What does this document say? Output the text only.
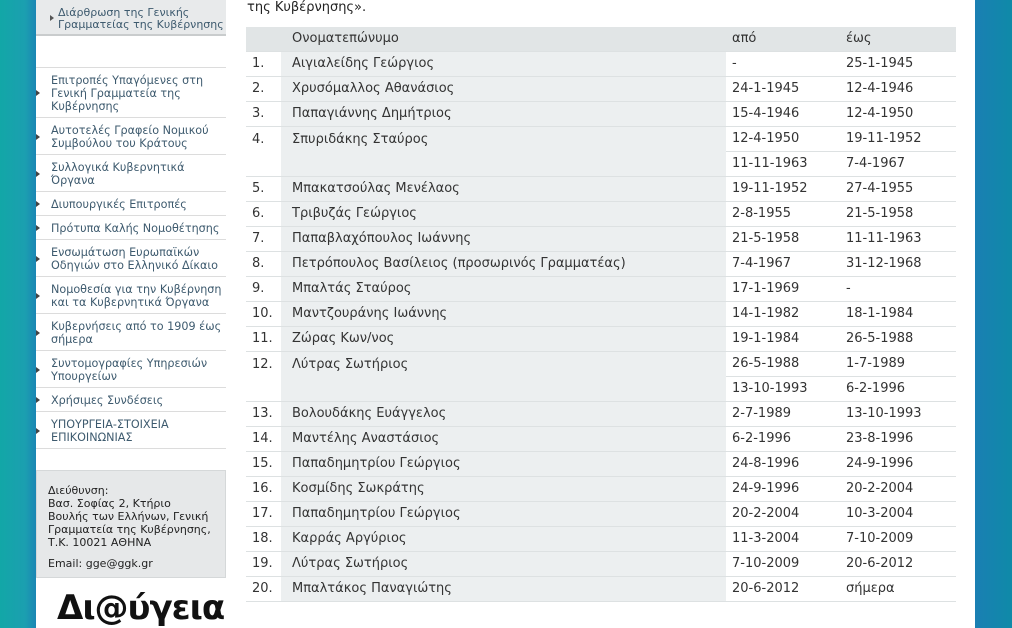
Διάρθρωση της Γενικής Γραμματείας της Κυβέρνησης
Επιτροπές Υπαγόμενες στη Γενική Γραμματεία της Κυβέρνησης
Αυτοτελές Γραφείο Νομικού Συμβούλου του Κράτους
Συλλογικά Κυβερνητικά Όργανα
Διυπουργικές Επιτροπές
Πρότυπα Καλής Νομοθέτησης
Ενσωμάτωση Ευρωπαϊκών Οδηγιών στο Ελληνικό Δίκαιο
Νομοθεσία για την Κυβέρνηση και τα Κυβερνητικά Όργανα
Κυβερνήσεις από το 1909 έως σήμερα
Συντομογραφίες Υπηρεσιών Υπουργείων
Χρήσιμες Συνδέσεις
ΥΠΟΥΡΓΕΙΑ-ΣΤΟΙΧΕΙΑ ΕΠΙΚΟΙΝΩΝΙΑΣ
Διεύθυνση:
Βασ. Σοφίας 2, Κτήριο
Βουλής των Ελλήνων, Γενική
Γραμματεία της Κυβέρνησης,
Τ.Κ. 10021 ΑΘΗΝΑ
Email: gge@ggk.gr
Δι@ύγεια
της Κυβέρνησης».
	Ονοματεπώνυμο	από	έως
1.	Αιγιαλείδης Γεώργιος	-	25-1-1945
2.	Χρυσόμαλλος Αθανάσιος	24-1-1945	12-4-1946
3.	Παπαγιάννης Δημήτριος	15-4-1946	12-4-1950
4.	Σπυριδάκης Σταύρος	12-4-1950	19-11-1952
		11-11-1963	7-4-1967
5.	Μπακατσούλας Μενέλαος	19-11-1952	27-4-1955
6.	Τριβυζάς Γεώργιος	2-8-1955	21-5-1958
7.	Παπαβλαχόπουλος Ιωάννης	21-5-1958	11-11-1963
8.	Πετρόπουλος Βασίλειος (προσωρινός Γραμματέας)	7-4-1967	31-12-1968
9.	Μπαλτάς Σταύρος	17-1-1969	-
10.	Μαντζουράνης Ιωάννης	14-1-1982	18-1-1984
11.	Ζώρας Κων/νος	19-1-1984	26-5-1988
12.	Λύτρας Σωτήριος	26-5-1988	1-7-1989
		13-10-1993	6-2-1996
13.	Βολουδάκης Ευάγγελος	2-7-1989	13-10-1993
14.	Μαντέλης Αναστάσιος	6-2-1996	23-8-1996
15.	Παπαδημητρίου Γεώργιος	24-8-1996	24-9-1996
16.	Κοσμίδης Σωκράτης	24-9-1996	20-2-2004
17.	Παπαδημητρίου Γεώργιος	20-2-2004	10-3-2004
18.	Καρράς Αργύριος	11-3-2004	7-10-2009
19.	Λύτρας Σωτήριος	7-10-2009	20-6-2012
20.	Μπαλτάκος Παναγιώτης	20-6-2012	σήμερα
